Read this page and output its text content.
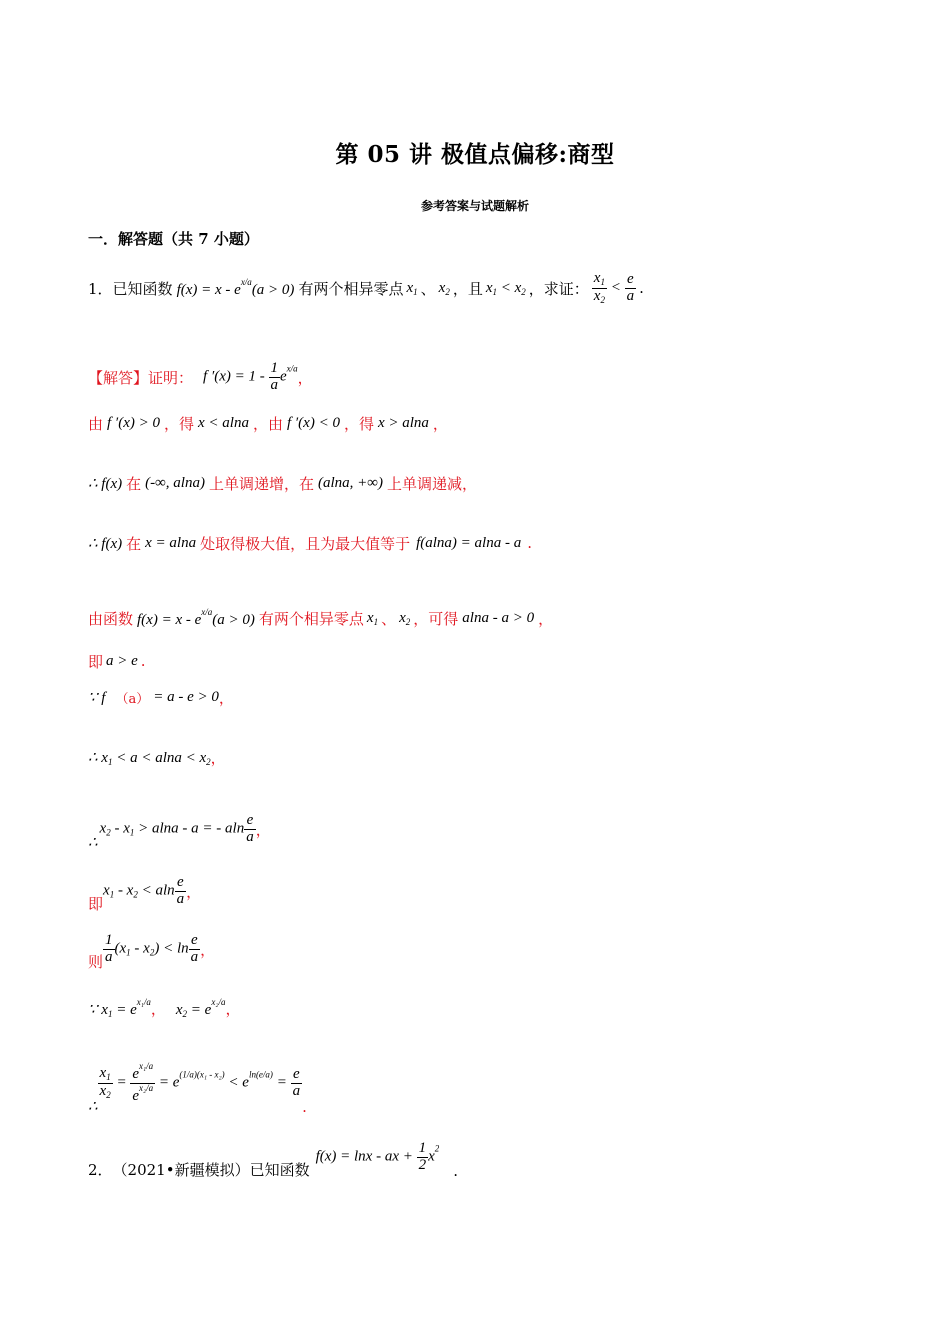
第 05 讲 极值点偏移:商型
参考答案与试题解析
一．解答题（共 7 小题）
1． 已知函数 $f(x) = x - e^{x/a}(a > 0)$ 有两个相异零点 $x_1$ 、 $x_2$ ，且 $x_1 < x_2$ ，求证： $\frac{x_1}{x_2} < \frac{e}{a}$ .
【解答】 证明： f $'(x) = 1 - \frac{1}{a} e^{x/a}$
，
由 f ′(x) > 0 ，得 x < alna ，由 f ′(x) < 0 ，得 x > alna ，
∴ f(x) 在 (-∞, alna) 上单调递增，在 (alna, +∞) 上单调递减，
∴ f(x) 在 x = alna 处取得极大值，且为最大值等于 f(alna) = alna - a .
由函数 $f(x) = x - e^{x/a}(a > 0)$ 有两个相异零点 $x_1$ 、 $x_2$ ，可得 alna - a > 0 ，
即 a > e .
∵ f （a） = a - e > 0 ，
∴ $x_1 < a < alna < x_2$ ，
∴
$x_2 - x_1 > alna - a$ = - aln $\frac{e}{a}$ ，
即
$x_1 - x_2 < aln \frac{e}{a}$ ，
则 $\frac{1}{a} (x_1 - x_2) < \ln \frac{e}{a}$ ，
∵ $x_1 = e^{x_1/a}$ ， $x_2 = e^{x_2/a}$ ，
∴
$\frac{x_1}{x_2} = \frac{e^{x_1/a}}{e^{x_2/a}} = e^{(1/a)(x_1 - x_2)} < e^{ln(e/a)} = \frac{e}{a}$
.
2． （2021•新疆模拟）已知函数
f(x) = lnx - ax + $\frac{1}{2} x^2$
.
